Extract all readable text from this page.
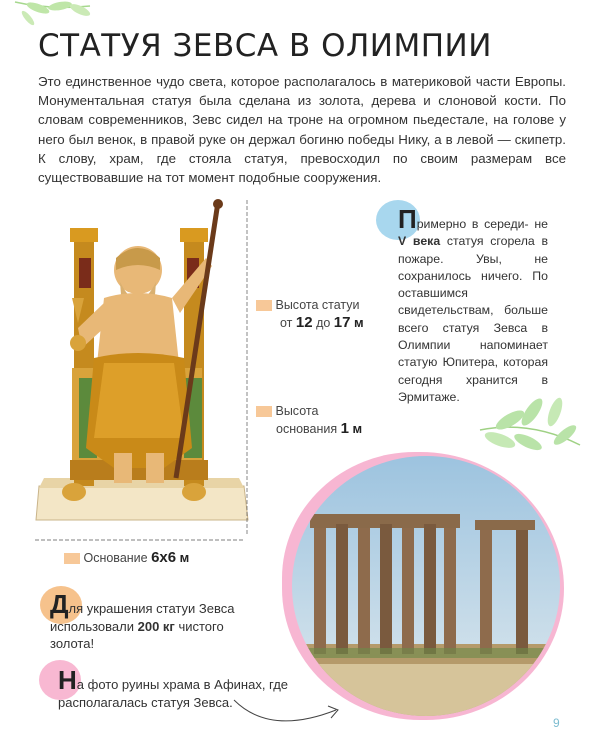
СТАТУЯ ЗЕВСА В ОЛИМПИИ
Это единственное чудо света, которое располагалось в материковой части Европы. Монументальная статуя была сделана из золота, дерева и слоновой кости. По словам современников, Зевс сидел на троне на огромном пьедестале, на голове у него был венок, в правой руке он держал богиню победы Нику, а в левой — скипетр. К слову, храм, где стояла статуя, превосходил по своим размерам все существовавшие на тот момент подобные сооружения.
Высота статуи
от 12 до 17 м
Высота
основания 1 м
Основание 6х6 м
Примерно в середи- не V века статуя сгорела в пожаре. Увы, не сохранилось ничего. По оставшимся свидетельствам, больше всего статуя Зевса в Олимпии напоминает статую Юпитера, которая сегодня хранится в Эрмитаже.
Для украшения статуи Зевса использовали 200 кг чистого золота!
На фото руины храма в Афинах, где располагалась статуя Зевса.
9
